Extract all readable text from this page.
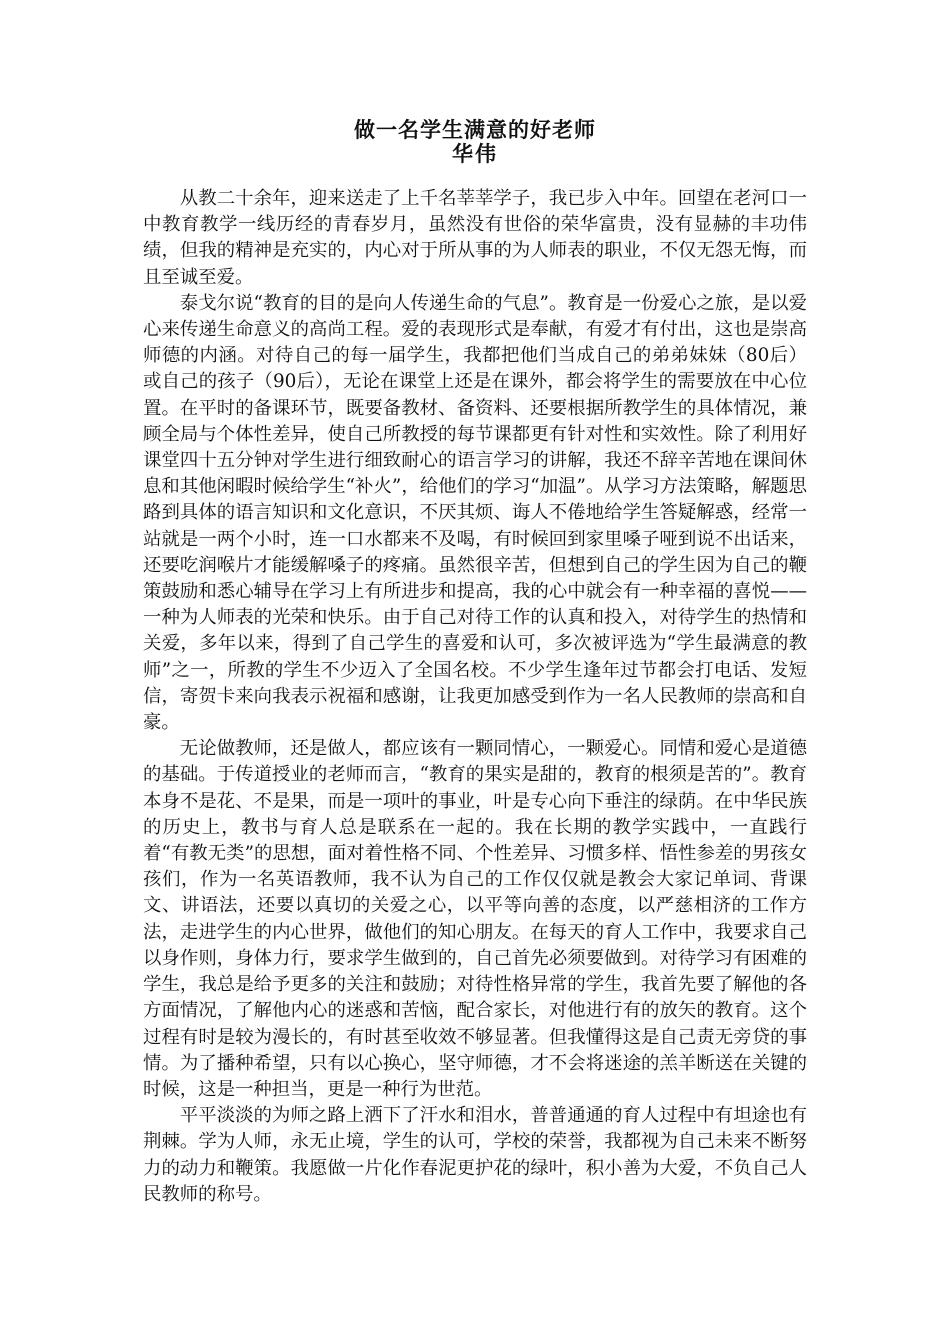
做一名学生满意的好老师
华伟

从教二十余年，迎来送走了上千名莘莘学子，我已步入中年。回望在老河口一中教育教学一线历经的青春岁月，虽然没有世俗的荣华富贵，没有显赫的丰功伟绩，但我的精神是充实的，内心对于所从事的为人师表的职业，不仅无怨无悔，而且至诚至爱。

泰戈尔说“教育的目的是向人传递生命的气息”。教育是一份爱心之旅，是以爱心来传递生命意义的高尚工程。爱的表现形式是奉献，有爱才有付出，这也是崇高师德的内涵。对待自己的每一届学生，我都把他们当成自己的弟弟妹妹（80后）或自己的孩子（90后），无论在课堂上还是在课外，都会将学生的需要放在中心位置。在平时的备课环节，既要备教材、备资料、还要根据所教学生的具体情况，兼顾全局与个体性差异，使自己所教授的每节课都更有针对性和实效性。除了利用好课堂四十五分钟对学生进行细致耐心的语言学习的讲解，我还不辞辛苦地在课间休息和其他闲暇时候给学生“补火”，给他们的学习“加温”。从学习方法策略，解题思路到具体的语言知识和文化意识，不厌其烦、诲人不倦地给学生答疑解惑，经常一站就是一两个小时，连一口水都来不及喝，有时候回到家里嗓子哑到说不出话来，还要吃润喉片才能缓解嗓子的疼痛。虽然很辛苦，但想到自己的学生因为自己的鞭策鼓励和悉心辅导在学习上有所进步和提高，我的心中就会有一种幸福的喜悦——一种为人师表的光荣和快乐。由于自己对待工作的认真和投入，对待学生的热情和关爱，多年以来，得到了自己学生的喜爱和认可，多次被评选为“学生最满意的教师”之一，所教的学生不少迈入了全国名校。不少学生逢年过节都会打电话、发短信，寄贺卡来向我表示祝福和感谢，让我更加感受到作为一名人民教师的崇高和自豪。

无论做教师，还是做人，都应该有一颗同情心，一颗爱心。同情和爱心是道德的基础。于传道授业的老师而言，“教育的果实是甜的，教育的根须是苦的”。教育本身不是花、不是果，而是一项叶的事业，叶是专心向下垂注的绿荫。在中华民族的历史上，教书与育人总是联系在一起的。我在长期的教学实践中，一直践行着“有教无类”的思想，面对着性格不同、个性差异、习惯多样、悟性参差的男孩女孩们，作为一名英语教师，我不认为自己的工作仅仅就是教会大家记单词、背课文、讲语法，还要以真切的关爱之心，以平等向善的态度，以严慈相济的工作方法，走进学生的内心世界，做他们的知心朋友。在每天的育人工作中，我要求自己以身作则，身体力行，要求学生做到的，自己首先必须要做到。对待学习有困难的学生，我总是给予更多的关注和鼓励；对待性格异常的学生，我首先要了解他的各方面情况，了解他内心的迷惑和苦恼，配合家长，对他进行有的放矢的教育。这个过程有时是较为漫长的，有时甚至收效不够显著。但我懂得这是自己责无旁贷的事情。为了播种希望，只有以心换心，坚守师德，才不会将迷途的羔羊断送在关键的时候，这是一种担当，更是一种行为世范。

平平淡淡的为师之路上洒下了汗水和泪水，普普通通的育人过程中有坦途也有荆棘。学为人师，永无止境，学生的认可，学校的荣誉，我都视为自己未来不断努力的动力和鞭策。我愿做一片化作春泥更护花的绿叶，积小善为大爱，不负自己人民教师的称号。
